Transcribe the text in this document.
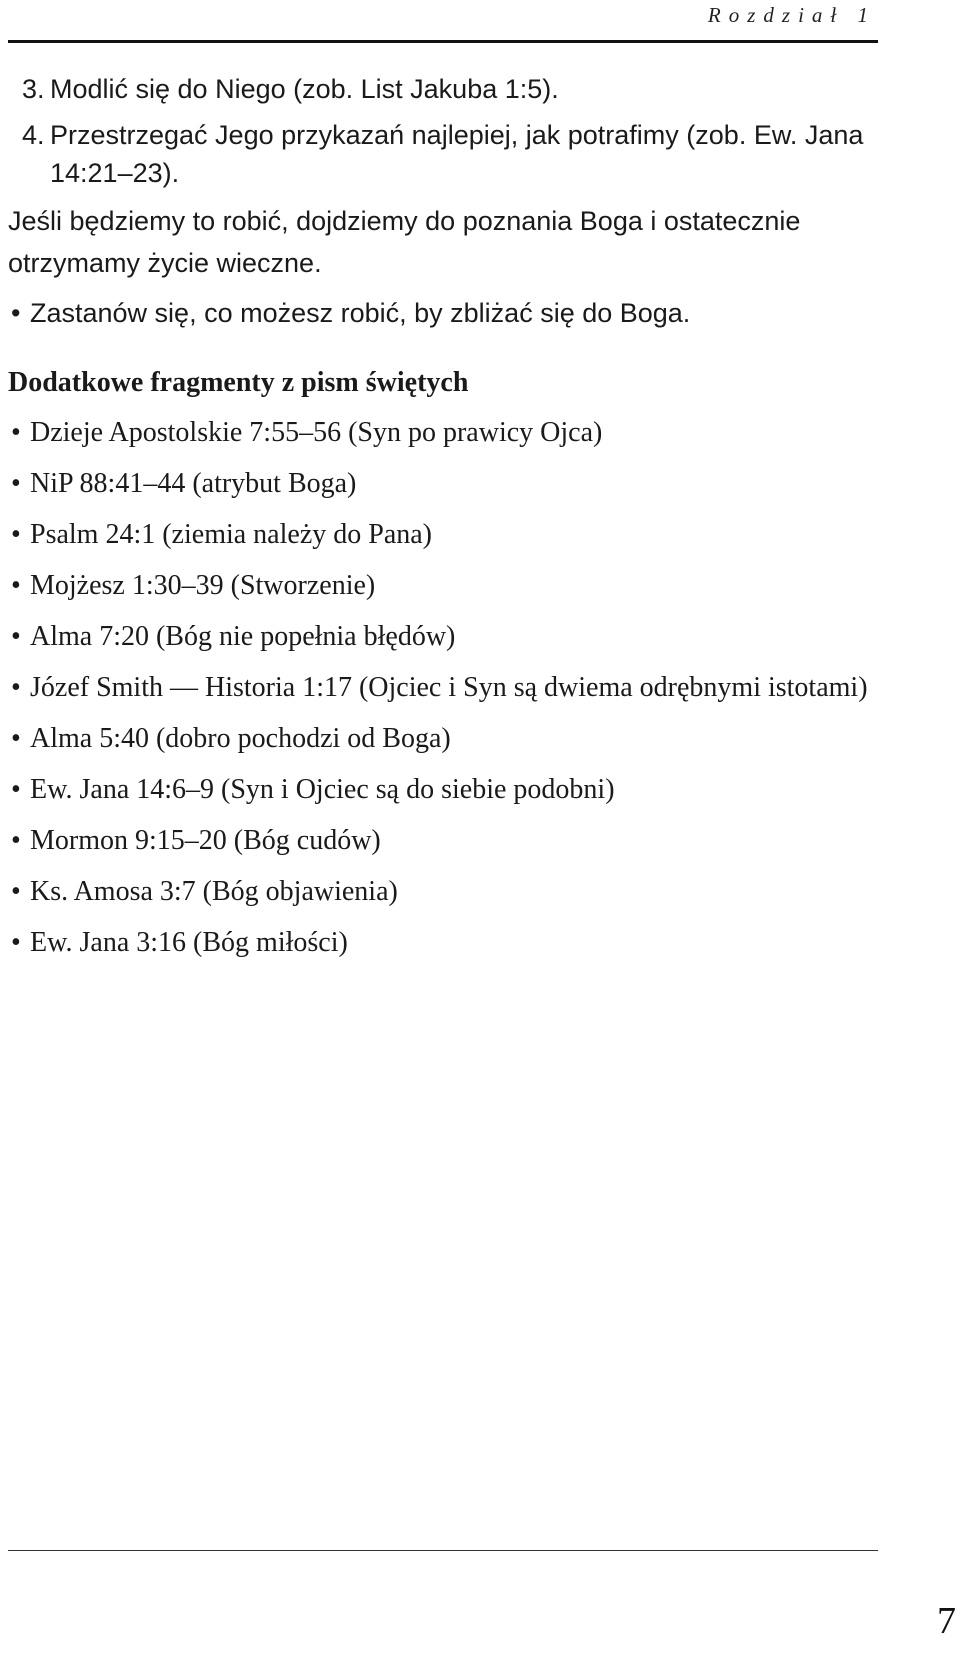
Rozdział 1
3. Modlić się do Niego (zob. List Jakuba 1:5).
4. Przestrzegać Jego przykazań najlepiej, jak potrafimy (zob. Ew. Jana 14:21–23).
Jeśli będziemy to robić, dojdziemy do poznania Boga i ostatecznie otrzymamy życie wieczne.
• Zastanów się, co możesz robić, by zbliżać się do Boga.
Dodatkowe fragmenty z pism świętych
• Dzieje Apostolskie 7:55–56 (Syn po prawicy Ojca)
• NiP 88:41–44 (atrybut Boga)
• Psalm 24:1 (ziemia należy do Pana)
• Mojżesz 1:30–39 (Stworzenie)
• Alma 7:20 (Bóg nie popełnia błędów)
• Józef Smith — Historia 1:17 (Ojciec i Syn są dwiema odrębnymi istotami)
• Alma 5:40 (dobro pochodzi od Boga)
• Ew. Jana 14:6–9 (Syn i Ojciec są do siebie podobni)
• Mormon 9:15–20 (Bóg cudów)
• Ks. Amosa 3:7 (Bóg objawienia)
• Ew. Jana 3:16 (Bóg miłości)
7
